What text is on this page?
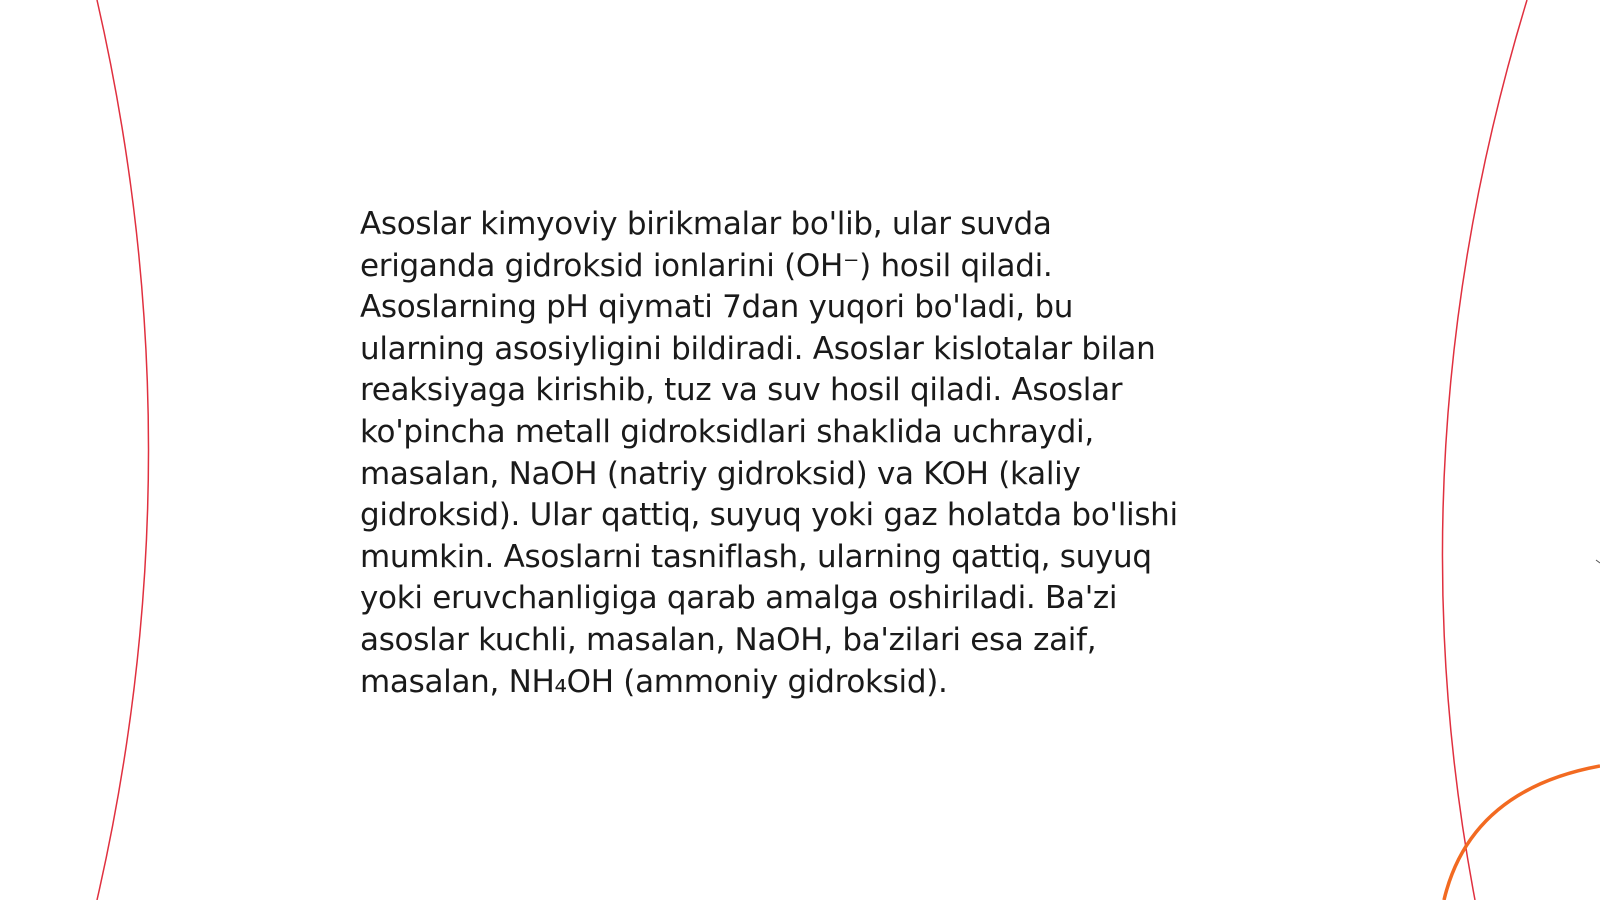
Asoslar kimyoviy birikmalar bo'lib, ular suvda
eriganda gidroksid ionlarini (OH⁻) hosil qiladi.
Asoslarning pH qiymati 7dan yuqori bo'ladi, bu
ularning asosiyligini bildiradi. Asoslar kislotalar bilan
reaksiyaga kirishib, tuz va suv hosil qiladi. Asoslar
ko'pincha metall gidroksidlari shaklida uchraydi,
masalan, NaOH (natriy gidroksid) va KOH (kaliy
gidroksid). Ular qattiq, suyuq yoki gaz holatda bo'lishi
mumkin. Asoslarni tasniflash, ularning qattiq, suyuq
yoki eruvchanligiga qarab amalga oshiriladi. Ba'zi
asoslar kuchli, masalan, NaOH, ba'zilari esa zaif,
masalan, NH₄OH (ammoniy gidroksid).
